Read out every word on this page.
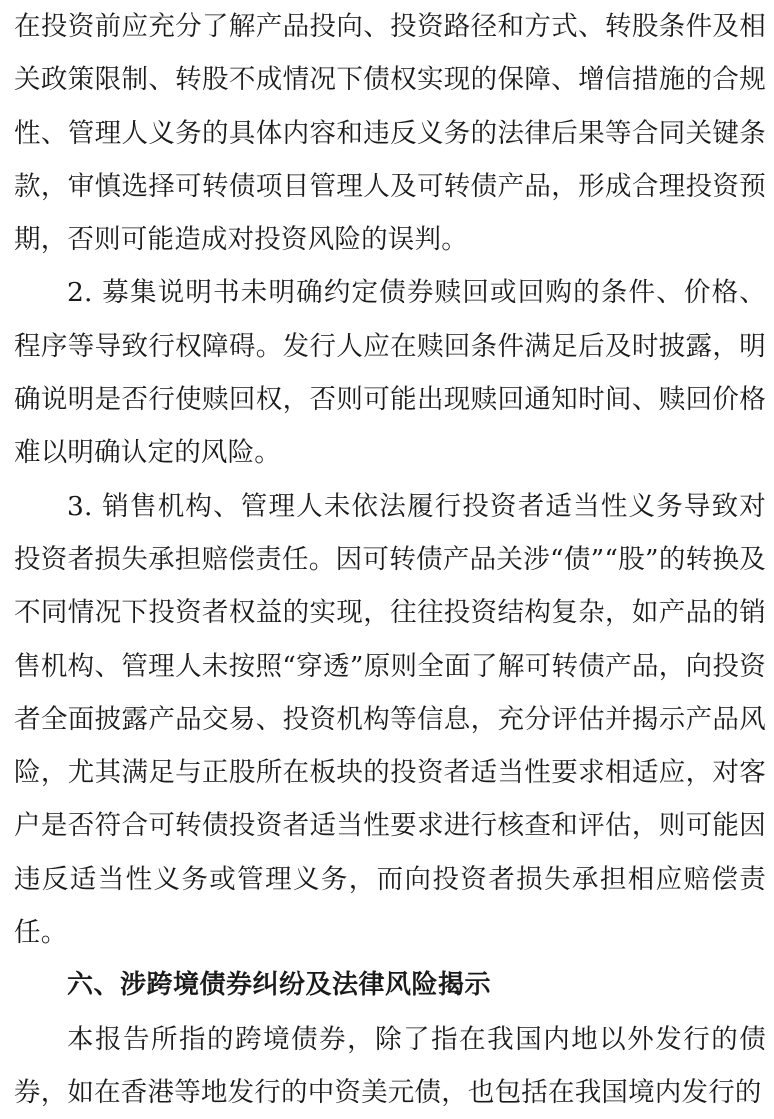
在投资前应充分了解产品投向、投资路径和方式、转股条件及相关政策限制、转股不成情况下债权实现的保障、增信措施的合规性、管理人义务的具体内容和违反义务的法律后果等合同关键条款，审慎选择可转债项目管理人及可转债产品，形成合理投资预期，否则可能造成对投资风险的误判。

2. 募集说明书未明确约定债券赎回或回购的条件、价格、程序等导致行权障碍。发行人应在赎回条件满足后及时披露，明确说明是否行使赎回权，否则可能出现赎回通知时间、赎回价格难以明确认定的风险。

3. 销售机构、管理人未依法履行投资者适当性义务导致对投资者损失承担赔偿责任。因可转债产品关涉“债”“股”的转换及不同情况下投资者权益的实现，往往投资结构复杂，如产品的销售机构、管理人未按照“穿透”原则全面了解可转债产品，向投资者全面披露产品交易、投资机构等信息，充分评估并揭示产品风险，尤其满足与正股所在板块的投资者适当性要求相适应，对客户是否符合可转债投资者适当性要求进行核查和评估，则可能因违反适当性义务或管理义务，而向投资者损失承担相应赔偿责任。

六、涉跨境债券纠纷及法律风险揭示

本报告所指的跨境债券，除了指在我国内地以外发行的债券，如在香港等地发行的中资美元债，也包括在我国境内发行的
